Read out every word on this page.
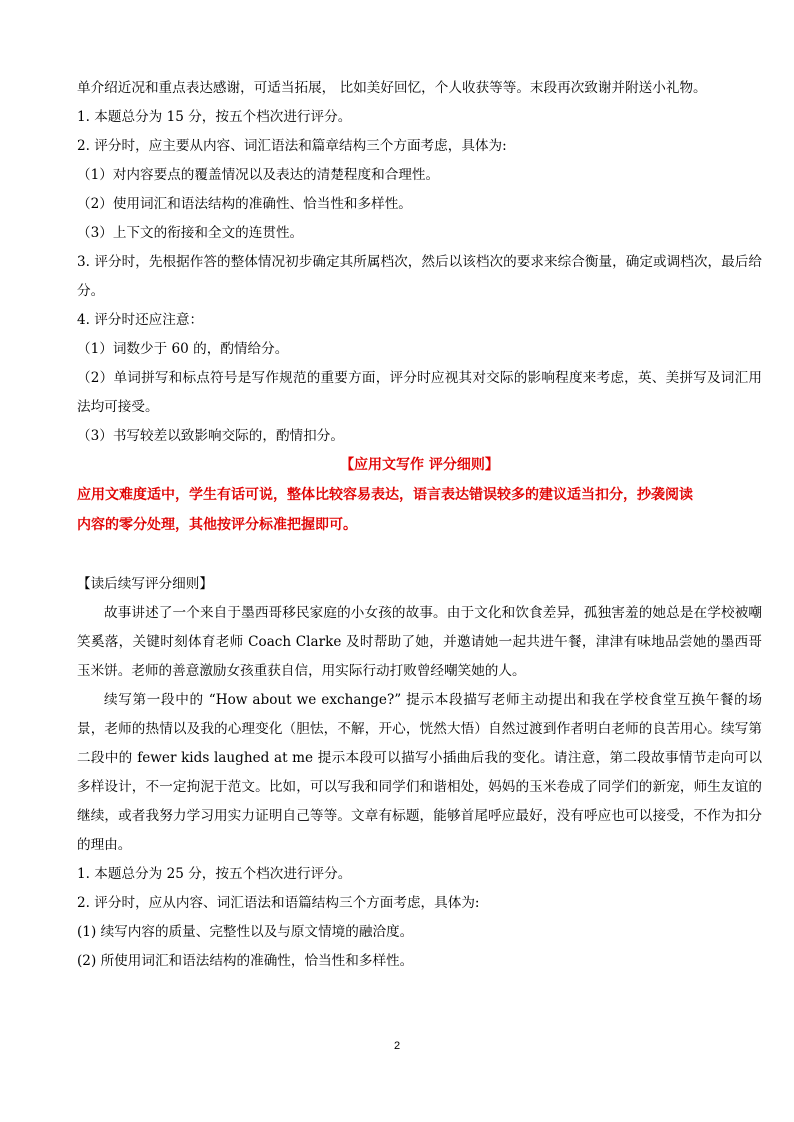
单介绍近况和重点表达感谢，可适当拓展， 比如美好回忆，个人收获等等。末段再次致谢并附送小礼物。

1. 本题总分为 15 分，按五个档次进行评分。

2. 评分时，应主要从内容、词汇语法和篇章结构三个方面考虑，具体为:

（1）对内容要点的覆盖情况以及表达的清楚程度和合理性。

（2）使用词汇和语法结构的准确性、恰当性和多样性。

（3）上下文的衔接和全文的连贯性。

3. 评分时，先根据作答的整体情况初步确定其所属档次，然后以该档次的要求来综合衡量，确定或调档次，最后给分。

4. 评分时还应注意：

（1）词数少于 60 的，酌情给分。

（2）单词拼写和标点符号是写作规范的重要方面，评分时应视其对交际的影响程度来考虑，英、美拼写及词汇用法均可接受。

（3）书写较差以致影响交际的，酌情扣分。

【应用文写作 评分细则】

应用文难度适中，学生有话可说，整体比较容易表达，语言表达错误较多的建议适当扣分，抄袭阅读

内容的零分处理，其他按评分标准把握即可。

【读后续写评分细则】

故事讲述了一个来自于墨西哥移民家庭的小女孩的故事。由于文化和饮食差异，孤独害羞的她总是在学校被嘲笑奚落，关键时刻体育老师 Coach Clarke 及时帮助了她，并邀请她一起共进午餐，津津有味地品尝她的墨西哥玉米饼。老师的善意激励女孩重获自信，用实际行动打败曾经嘲笑她的人。

续写第一段中的 “How about we exchange?” 提示本段描写老师主动提出和我在学校食堂互换午餐的场景，老师的热情以及我的心理变化（胆怯，不解，开心，恍然大悟）自然过渡到作者明白老师的良苦用心。续写第二段中的 fewer kids laughed at me 提示本段可以描写小插曲后我的变化。请注意，第二段故事情节走向可以多样设计，不一定拘泥于范文。比如，可以写我和同学们和谐相处，妈妈的玉米卷成了同学们的新宠，师生友谊的继续，或者我努力学习用实力证明自己等等。文章有标题，能够首尾呼应最好，没有呼应也可以接受，不作为扣分的理由。

1. 本题总分为 25 分，按五个档次进行评分。

2. 评分时，应从内容、词汇语法和语篇结构三个方面考虑，具体为:

(1) 续写内容的质量、完整性以及与原文情境的融洽度。

(2) 所使用词汇和语法结构的准确性，恰当性和多样性。

2
